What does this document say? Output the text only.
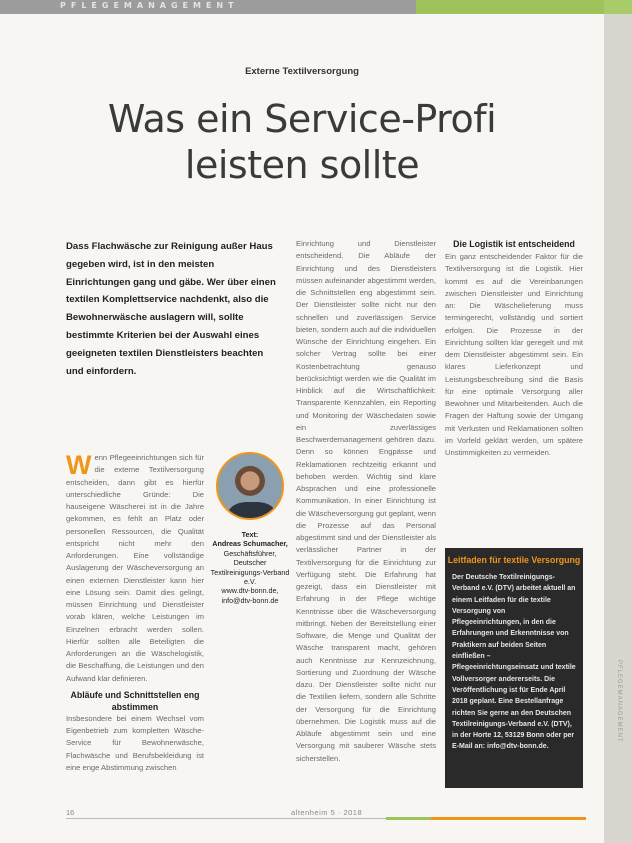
PFLEGEMANAGEMENT
Externe Textilversorgung
Was ein Service-Profi
leisten sollte
Dass Flachwäsche zur Reinigung außer Haus gegeben wird, ist in den meisten Einrichtungen gang und gäbe. Wer über einen textilen Komplettservice nachdenkt, also die Bewohnerwäsche auslagern will, sollte bestimmte Kriterien bei der Auswahl eines geeigneten textilen Dienstleisters beachten und einfordern.
Wenn Pflegeeinrichtungen sich für die externe Textilversorgung entscheiden, dann gibt es hierfür unterschiedliche Gründe: Die hauseigene Wäscherei ist in die Jahre gekommen, es fehlt an Platz oder personellen Ressourcen, die Qualität entspricht nicht mehr den Anforderungen. Eine vollständige Auslagerung der Wäscheversorgung an einen externen Dienstleister kann hier eine Lösung sein. Damit dies gelingt, müssen Einrichtung und Dienstleister vorab klären, welche Leistungen im Einzelnen erbracht werden sollen. Hierfür sollten alle Beteiligten die Anforderungen an die Wäschelogistik, die Beschaffung, die Leistungen und den Aufwand klar definieren.
Abläufe und Schnittstellen eng abstimmen
Insbesondere bei einem Wechsel vom Eigenbetrieb zum kompletten Wäsche-Service für Bewohnerwäsche, Flachwäsche und Berufsbekleidung ist eine enge Abstimmung zwischen
Text:
Andreas Schumacher,
Geschäftsführer, Deutscher Textilreinigungs-Verband e.V.
www.dtv-bonn.de,
info@dtv-bonn.de
Einrichtung und Dienstleister entscheidend. Die Abläufe der Einrichtung und des Dienstleisters müssen aufeinander abgestimmt werden, die Schnittstellen eng abgestimmt sein. Der Dienstleister sollte nicht nur den schnellen und zuverlässigen Service bieten, sondern auch auf die individuellen Wünsche der Einrichtung eingehen. Ein solcher Vertrag sollte bei einer Kostenbetrachtung genauso berücksichtigt werden wie die Qualität im Hinblick auf die Wirtschaftlichkeit: Transparente Kennzahlen, ein Reporting und Monitoring der Wäschedaten sowie ein zuverlässiges Beschwerdemanagement gehören dazu. Denn so können Engpässe und Reklamationen rechtzeitig erkannt und behoben werden. Wichtig sind klare Absprachen und eine professionelle Kommunikation. In einer Einrichtung ist die Wäscheversorgung gut geplant, wenn die Prozesse auf das Personal abgestimmt sind und der Dienstleister als verlässlicher Partner in der Textilversorgung für die Einrichtung zur Verfügung steht. Die Erfahrung hat gezeigt, dass ein Dienstleister mit Erfahrung in der Pflege wichtige Kenntnisse über die Wäscheversorgung mitbringt. Neben der Bereitstellung einer Software, die Menge und Qualität der Wäsche transparent macht, gehören auch Kenntnisse zur Kennzeichnung, Sortierung und Zuordnung der Wäsche dazu. Der Dienstleister sollte nicht nur die Textilien liefern, sondern alle Schritte der Versorgung für die Einrichtung übernehmen. Die Logistik muss auf die Abläufe abgestimmt sein und eine Versorgung mit sauberer Wäsche stets sicherstellen.
Die Logistik ist entscheidend
Ein ganz entscheidender Faktor für die Textilversorgung ist die Logistik. Hier kommt es auf die Vereinbarungen zwischen Dienstleister und Einrichtung an: Die Wäschelieferung muss termingerecht, vollständig und sortiert erfolgen. Die Prozesse in der Einrichtung sollten klar geregelt und mit dem Dienstleister abgestimmt sein. Ein klares Lieferkonzept und Leistungsbeschreibung sind die Basis für eine optimale Versorgung aller Bewohner und Mitarbeitenden. Auch die Fragen der Haftung sowie der Umgang mit Verlusten und Reklamationen sollten im Vorfeld geklärt werden, um spätere Unstimmigkeiten zu vermeiden.
Leitfaden für textile Versorgung
Der Deutsche Textilreinigungs-Verband e.V. (DTV) arbeitet aktuell an einem Leitfaden für die textile Versorgung von Pflegeeinrichtungen, in den die Erfahrungen und Erkenntnisse von Praktikern auf beiden Seiten einfließen – Pflegeeinrichtungseinsatz und textile Vollversorger andererseits. Die Veröffentlichung ist für Ende April 2018 geplant. Eine Bestellanfrage richten Sie gerne an den Deutschen Textilreinigungs-Verband e.V. (DTV), in der Horte 12, 53129 Bonn oder per E-Mail an: info@dtv-bonn.de.
16	altenheim 5 · 2018
PFLEGEMANAGEMENT
